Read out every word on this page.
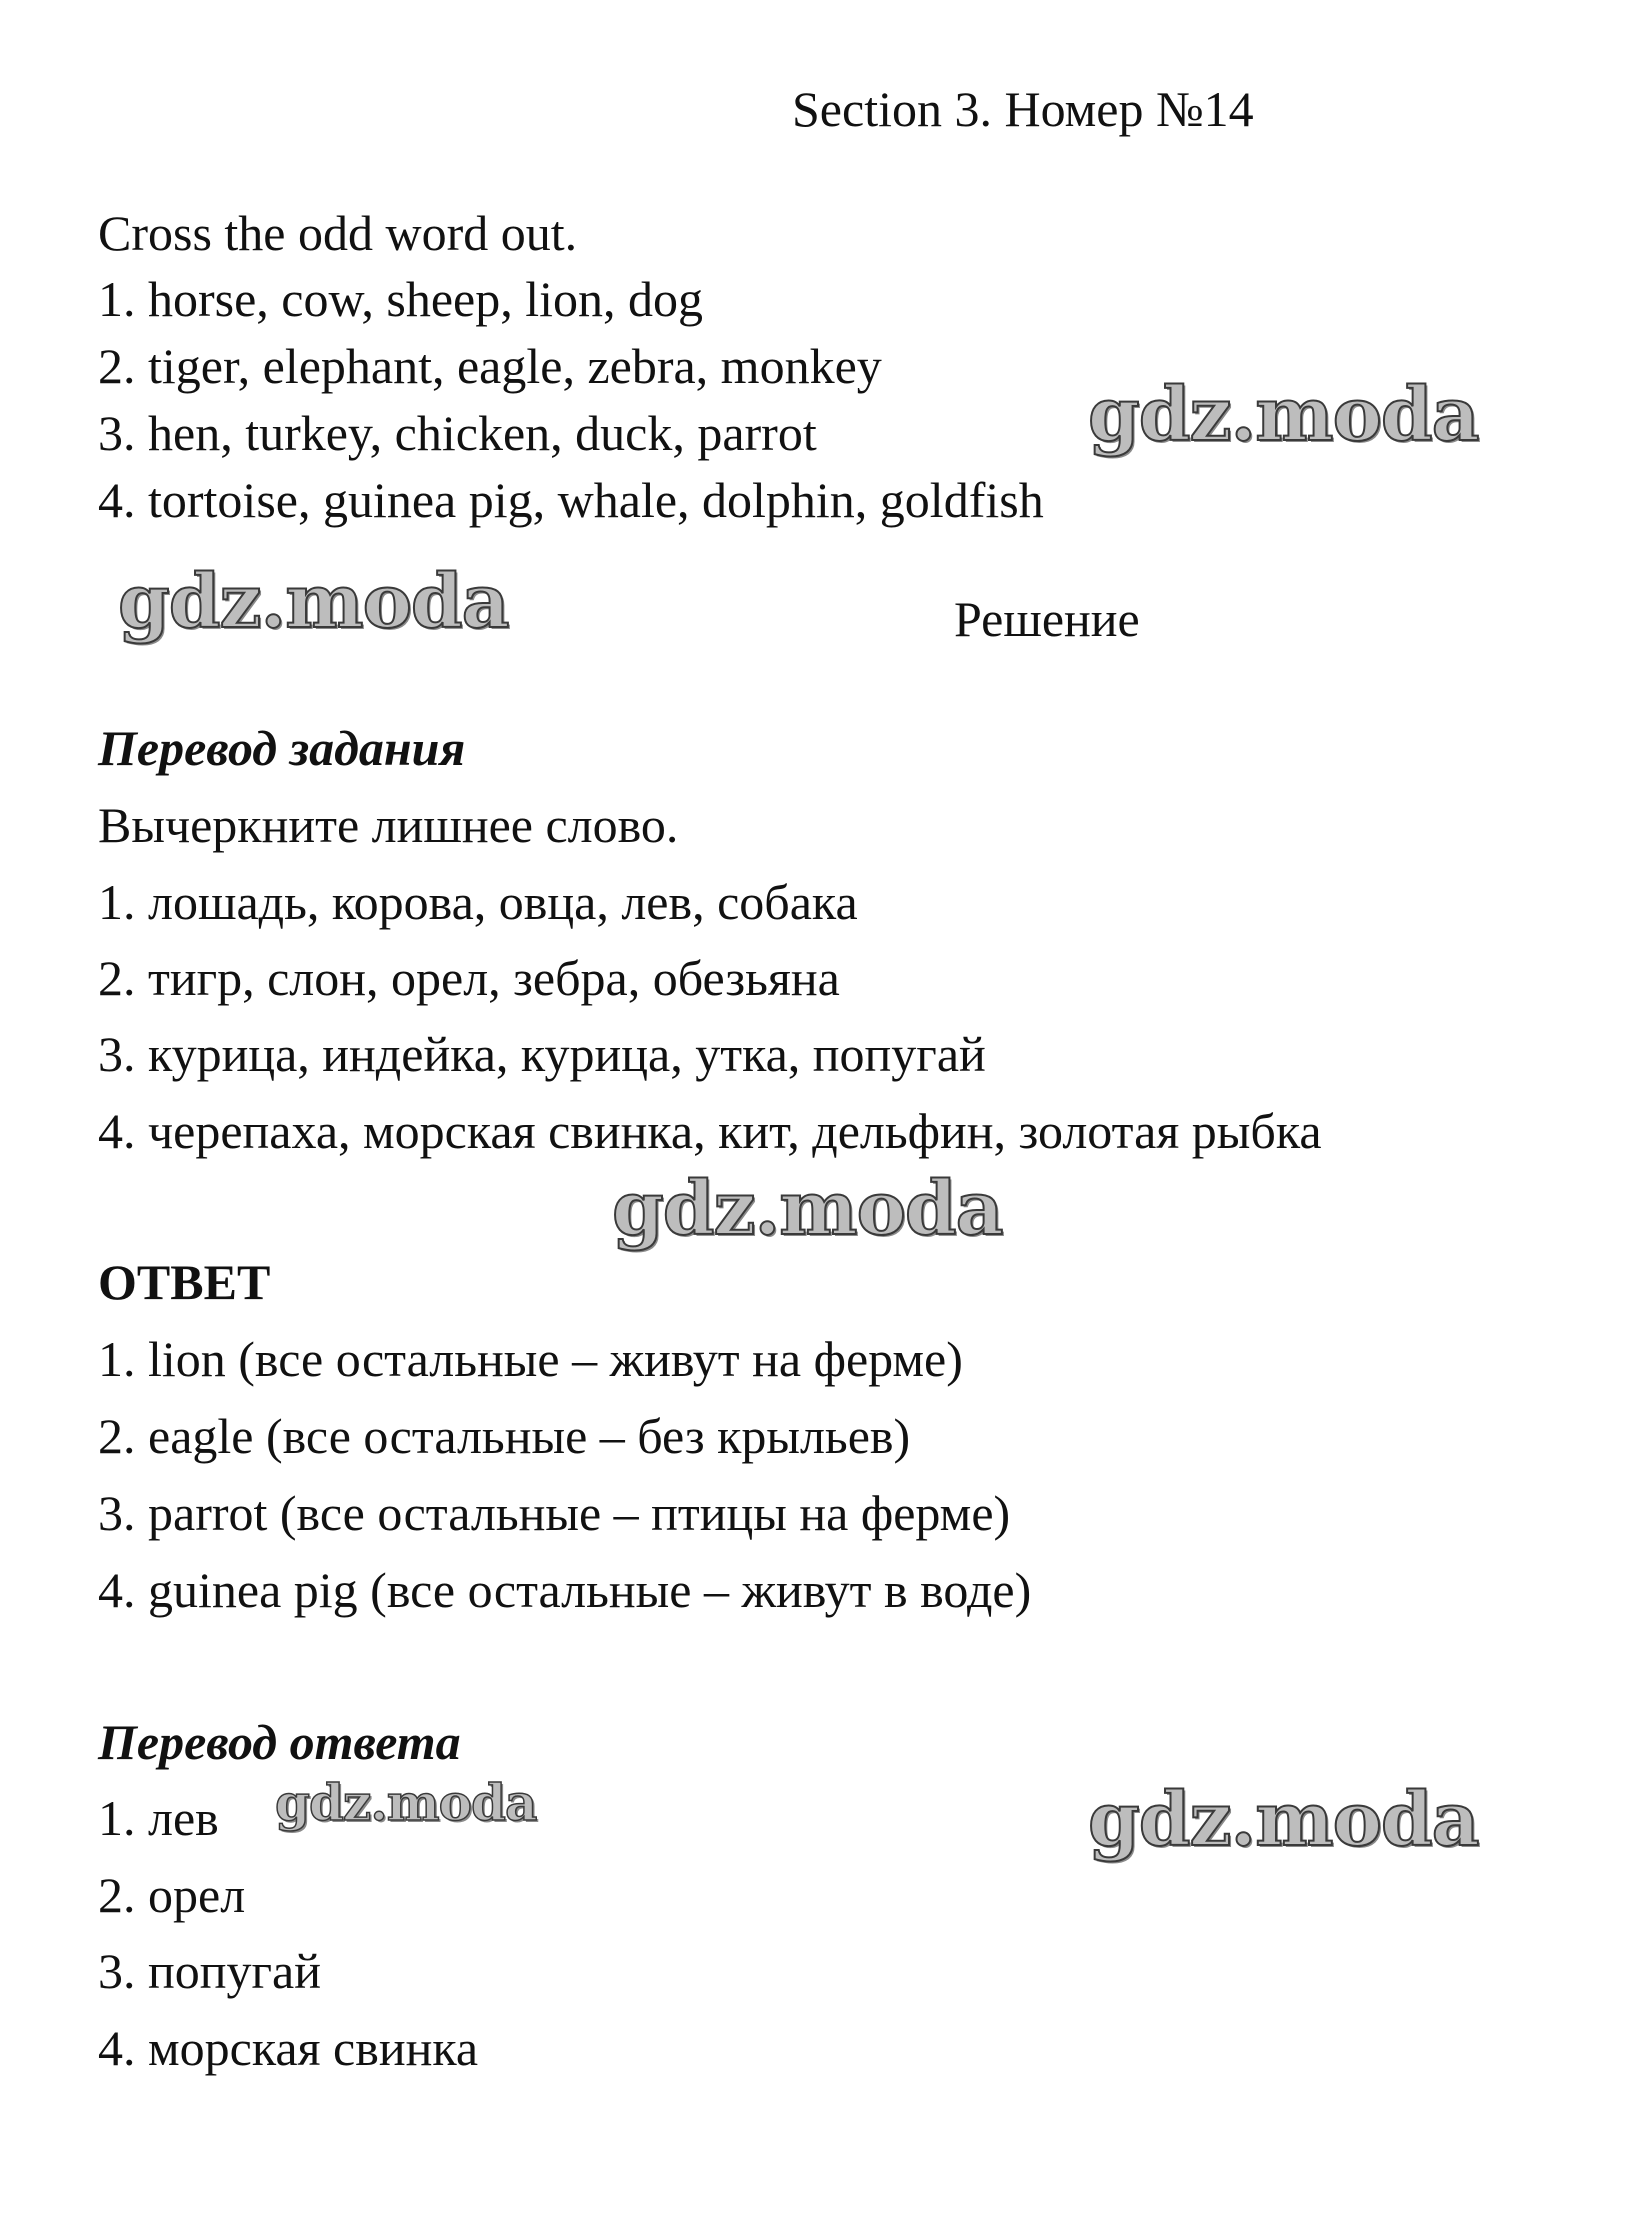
Section 3. Номер №14
Cross the odd word out.
1. horse, cow, sheep, lion, dog
2. tiger, elephant, eagle, zebra, monkey
3. hen, turkey, chicken, duck, parrot
4. tortoise, guinea pig, whale, dolphin, goldfish
Решение
Перевод задания
Вычеркните лишнее слово.
1. лошадь, корова, овца, лев, собака
2. тигр, слон, орел, зебра, обезьяна
3. курица, индейка, курица, утка, попугай
4. черепаха, морская свинка, кит, дельфин, золотая рыбка
ОТВЕТ
1. lion (все остальные – живут на ферме)
2. eagle (все остальные – без крыльев)
3. parrot (все остальные – птицы на ферме)
4. guinea pig (все остальные – живут в воде)
Перевод ответа
1. лев
2. орел
3. попугай
4. морская свинка
gdz.moda
gdz.moda
gdz.moda
gdz.moda	gdz.moda
